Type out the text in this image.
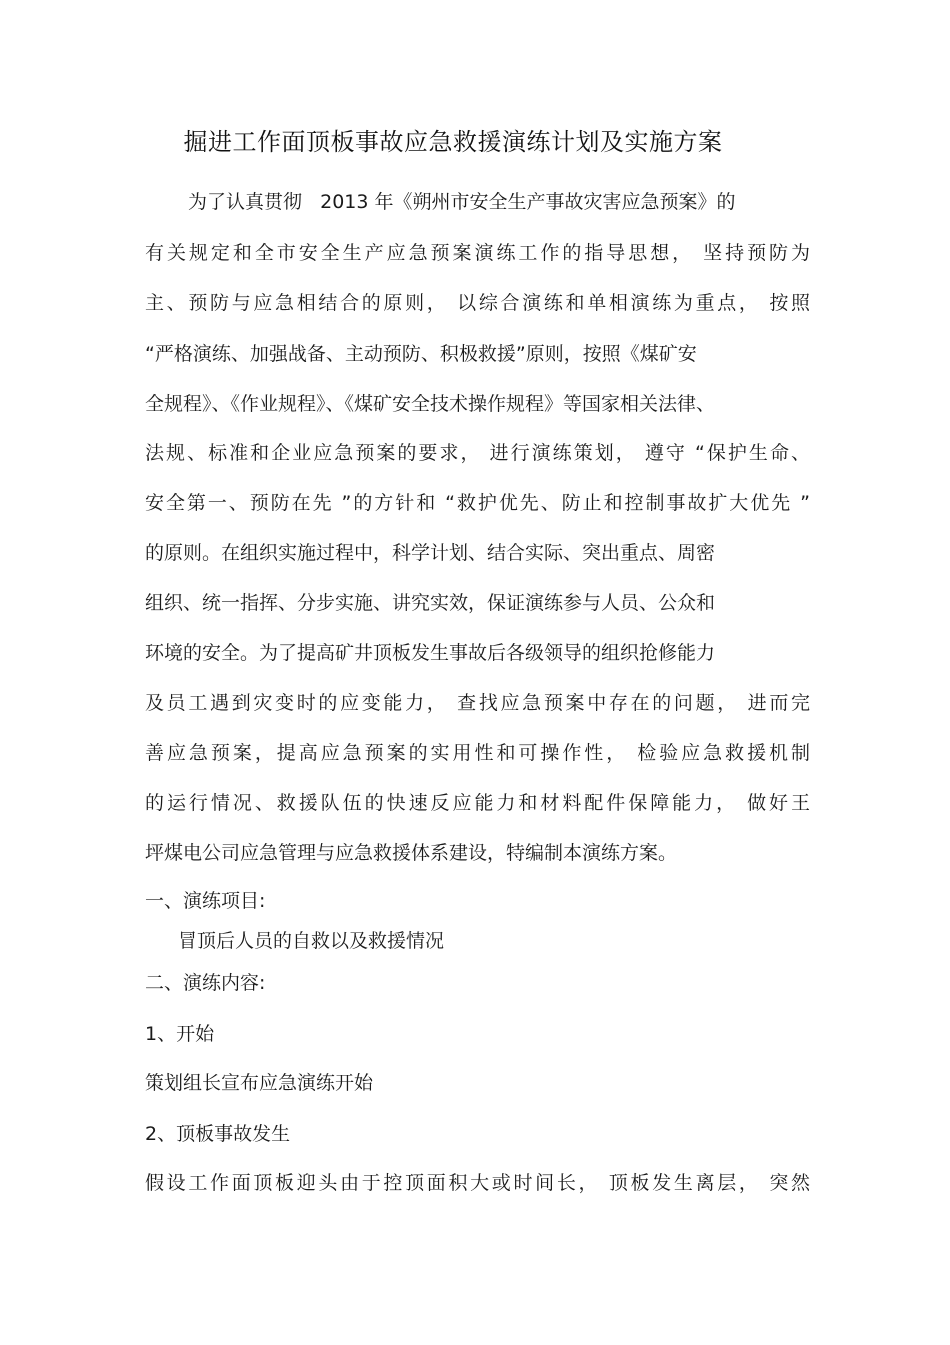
掘进工作面顶板事故应急救援演练计划及实施方案
为了认真贯彻   2013 年《朔州市安全生产事故灾害应急预案》的
有关规定和全市安全生产应急预案演练工作的指导思想， 坚持预防为
主、预防与应急相结合的原则， 以综合演练和单相演练为重点， 按照
“严格演练、加强战备、主动预防、积极救援”原则，按照《煤矿安
全规程》、《作业规程》、《煤矿安全技术操作规程》等国家相关法律、
法规、标准和企业应急预案的要求， 进行演练策划， 遵守 “保护生命、
安全第一、预防在先 ”的方针和 “救护优先、防止和控制事故扩大优先 ”
的原则。在组织实施过程中，科学计划、结合实际、突出重点、周密
组织、统一指挥、分步实施、讲究实效，保证演练参与人员、公众和
环境的安全。为了提高矿井顶板发生事故后各级领导的组织抢修能力
及员工遇到灾变时的应变能力， 查找应急预案中存在的问题， 进而完
善应急预案，提高应急预案的实用性和可操作性， 检验应急救援机制
的运行情况、救援队伍的快速反应能力和材料配件保障能力， 做好王
坪煤电公司应急管理与应急救援体系建设，特编制本演练方案。
一、演练项目:
冒顶后人员的自救以及救援情况
二、演练内容:
1、开始
策划组长宣布应急演练开始
2、顶板事故发生
假设工作面顶板迎头由于控顶面积大或时间长， 顶板发生离层， 突然
